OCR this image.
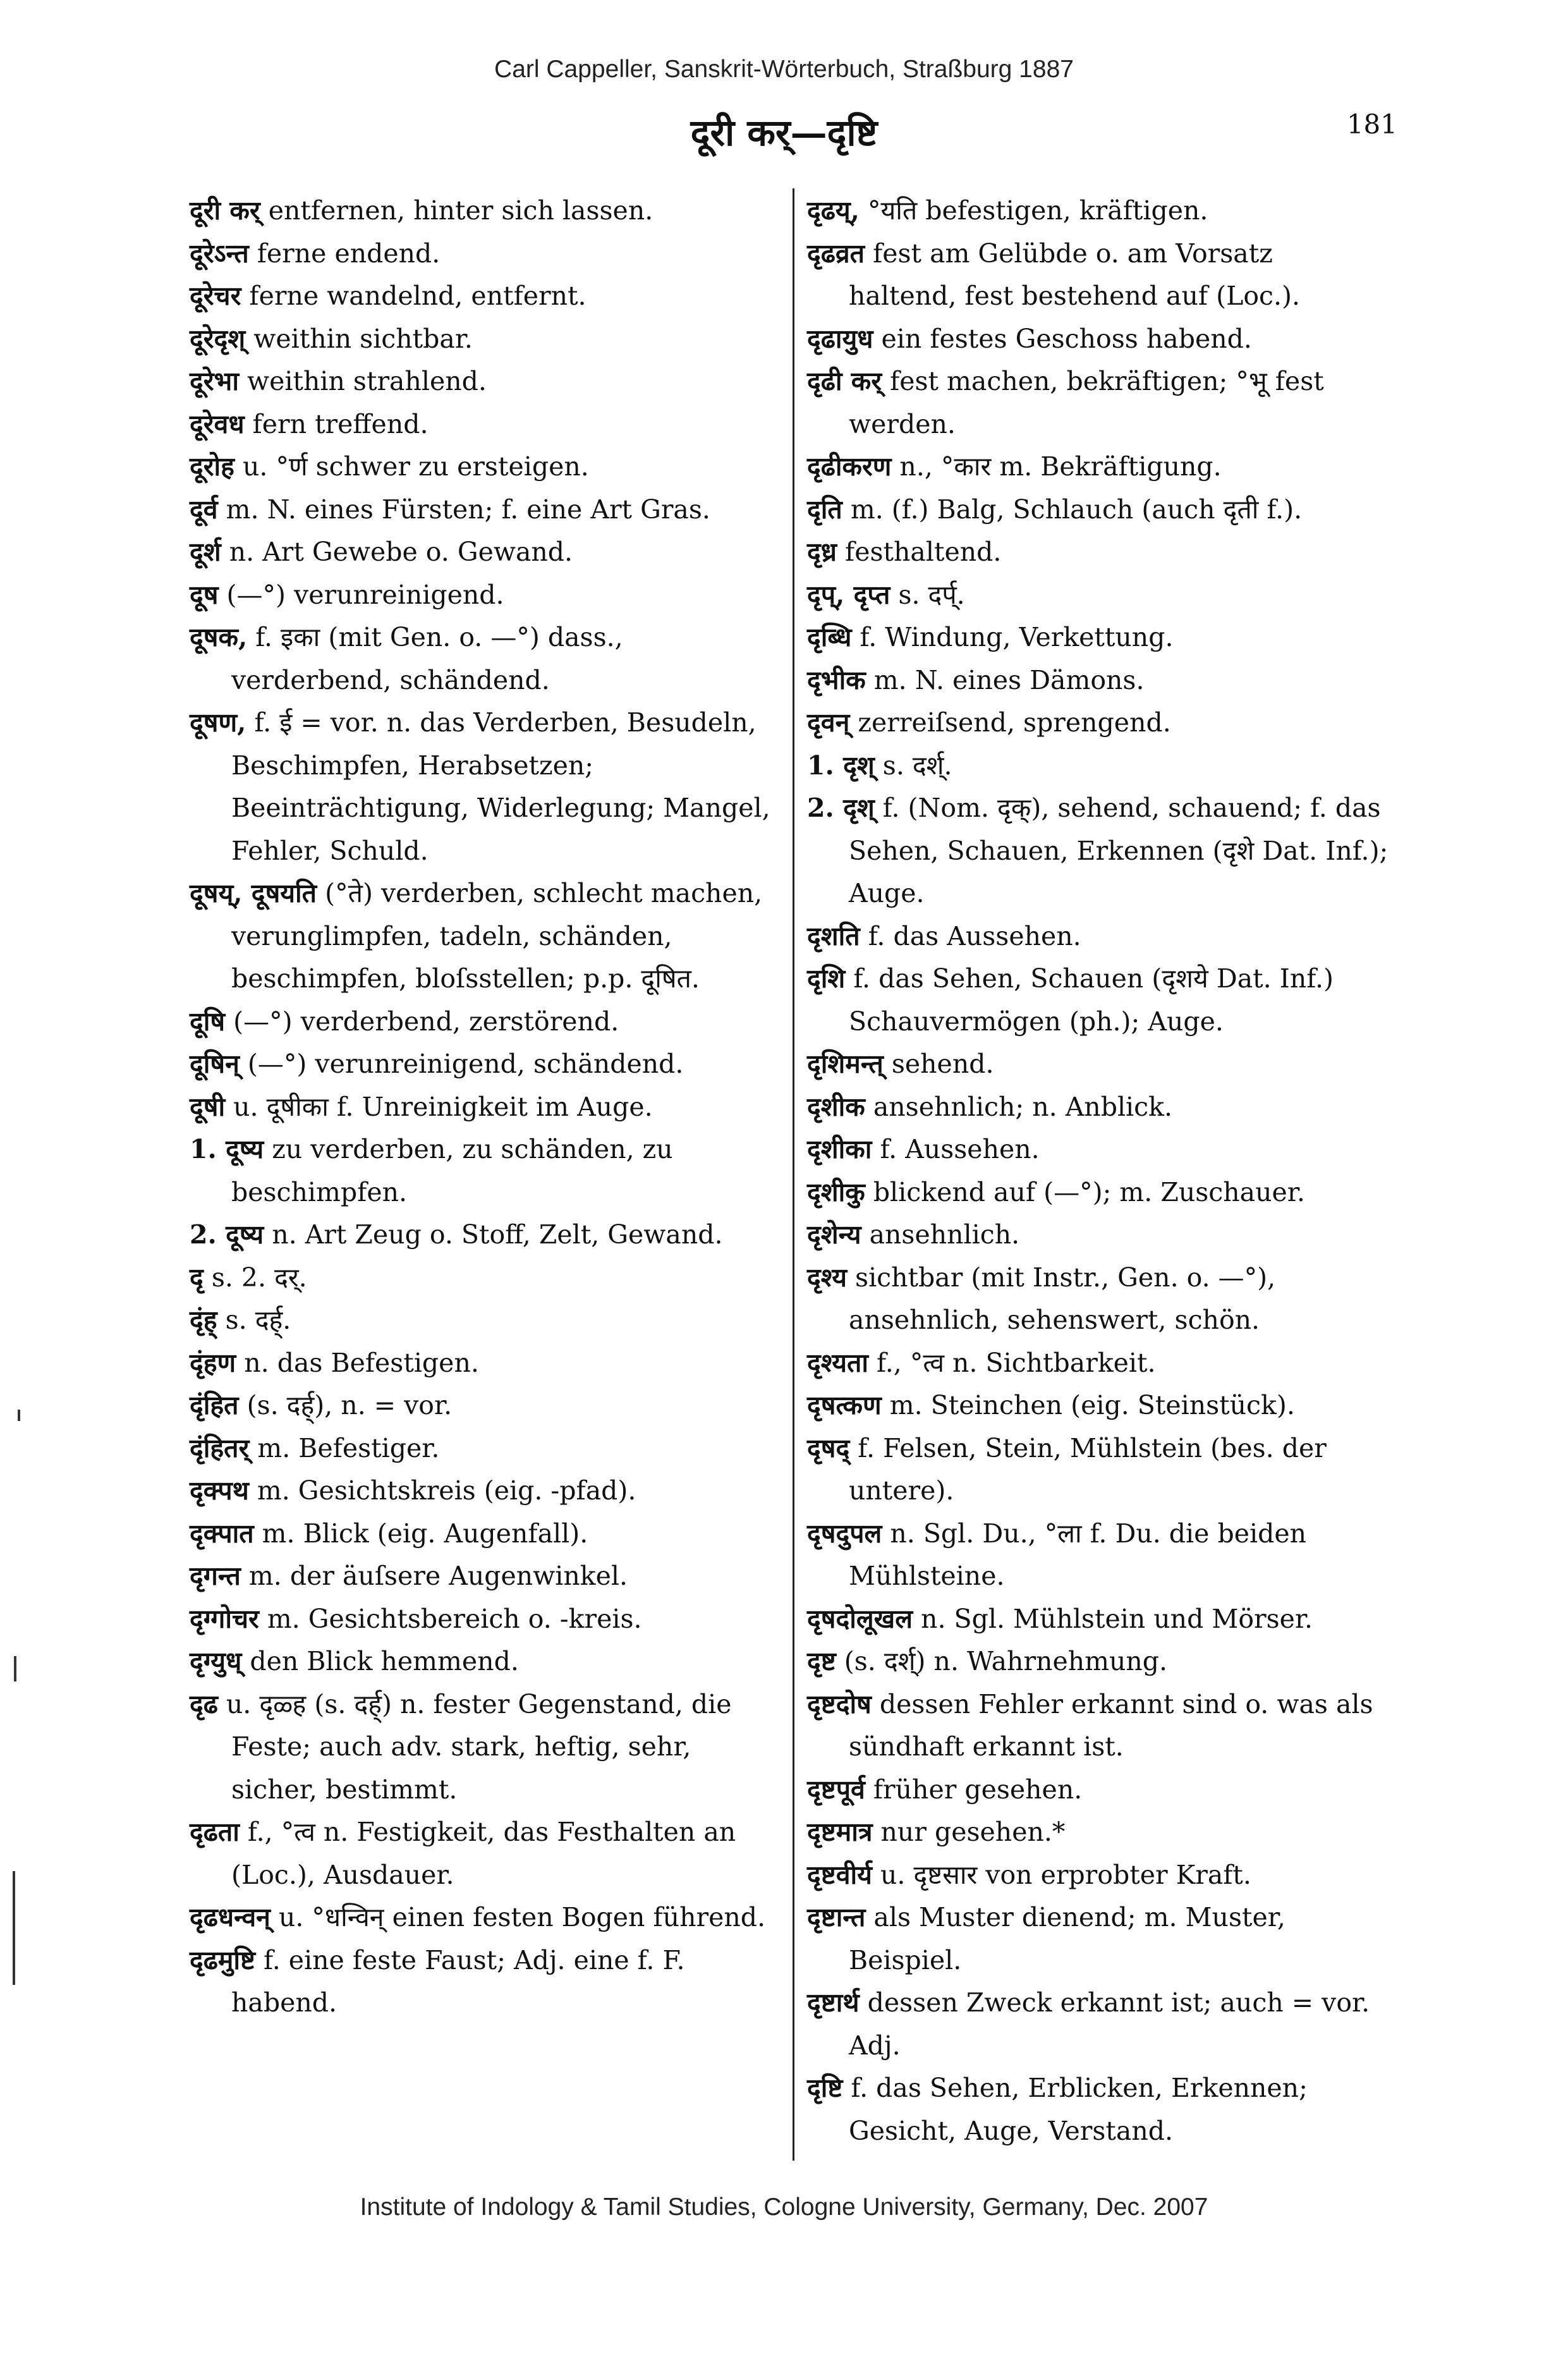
Carl Cappeller, Sanskrit-Wörterbuch, Straßburg 1887
दूरी कर्—दृष्टि	181
दूरी कर् entfernen, hinter sich lassen.
दूरेऽन्त ferne endend.
दूरेचर ferne wandelnd, entfernt.
दूरेदृश् weithin sichtbar.
दूरेभा weithin strahlend.
दूरेवध fern treffend.
दूरोह u. °र्ण schwer zu ersteigen.
दूर्व m. N. eines Fürsten; f. eine Art Gras.
दूर्श n. Art Gewebe o. Gewand.
दूष (—°) verunreinigend.
दूषक, f. इका (mit Gen. o. —°) dass., verderbend, schändend.
दूषण, f. ई = vor. n. das Verderben, Besudeln, Beschimpfen, Herabsetzen; Beeinträchtigung, Widerlegung; Mangel, Fehler, Schuld.
दूषय्, दूषयति (°ते) verderben, schlecht machen, verunglimpfen, tadeln, schänden, beschimpfen, bloſsstellen; p.p. दूषित.
दूषि (—°) verderbend, zerstörend.
दूषिन् (—°) verunreinigend, schändend.
दूषी u. दूषीका f. Unreinigkeit im Auge.
1. दूष्य zu verderben, zu schänden, zu beschimpfen.
2. दूष्य n. Art Zeug o. Stoff, Zelt, Gewand.
दृ s. 2. दर्.
दृंह् s. दर्ह्.
दृंहण n. das Befestigen.
दृंहित (s. दर्ह्), n. = vor.
दृंहितर् m. Befestiger.
दृक्पथ m. Gesichtskreis (eig. -pfad).
दृक्पात m. Blick (eig. Augenfall).
दृगन्त m. der äuſsere Augenwinkel.
दृग्गोचर m. Gesichtsbereich o. -kreis.
दृग्युध् den Blick hemmend.
दृढ u. दृळ्ह (s. दर्ह्) n. fester Gegenstand, die Feste; auch adv. stark, heftig, sehr, sicher, bestimmt.
दृढता f., °त्व n. Festigkeit, das Festhalten an (Loc.), Ausdauer.
दृढधन्वन् u. °धन्विन् einen festen Bogen führend.
दृढमुष्टि f. eine feste Faust; Adj. eine f. F. habend.
दृढय्, °यति befestigen, kräftigen.
दृढव्रत fest am Gelübde o. am Vorsatz haltend, fest bestehend auf (Loc.).
दृढायुध ein festes Geschoss habend.
दृढी कर् fest machen, bekräftigen; °भू fest werden.
दृढीकरण n., °कार m. Bekräftigung.
दृति m. (f.) Balg, Schlauch (auch दृती f.).
दृध्र festhaltend.
दृप्, दृप्त s. दर्प्.
दृब्धि f. Windung, Verkettung.
दृभीक m. N. eines Dämons.
दृवन् zerreiſsend, sprengend.
1. दृश् s. दर्श्.
2. दृश् f. (Nom. दृक्), sehend, schauend; f. das Sehen, Schauen, Erkennen (दृशे Dat. Inf.); Auge.
दृशति f. das Aussehen.
दृशि f. das Sehen, Schauen (दृशये Dat. Inf.) Schauvermögen (ph.); Auge.
दृशिमन्त् sehend.
दृशीक ansehnlich; n. Anblick.
दृशीका f. Aussehen.
दृशीकु blickend auf (—°); m. Zuschauer.
दृशेन्य ansehnlich.
दृश्य sichtbar (mit Instr., Gen. o. —°), ansehnlich, sehenswert, schön.
दृश्यता f., °त्व n. Sichtbarkeit.
दृषत्कण m. Steinchen (eig. Steinstück).
दृषद् f. Felsen, Stein, Mühlstein (bes. der untere).
दृषदुपल n. Sgl. Du., °ला f. Du. die beiden Mühlsteine.
दृषदोलूखल n. Sgl. Mühlstein und Mörser.
दृष्ट (s. दर्श्) n. Wahrnehmung.
दृष्टदोष dessen Fehler erkannt sind o. was als sündhaft erkannt ist.
दृष्टपूर्व früher gesehen.
दृष्टमात्र nur gesehen.*
दृष्टवीर्य u. दृष्टसार von erprobter Kraft.
दृष्टान्त als Muster dienend; m. Muster, Beispiel.
दृष्टार्थ dessen Zweck erkannt ist; auch = vor. Adj.
दृष्टि f. das Sehen, Erblicken, Erkennen; Gesicht, Auge, Verstand.
Institute of Indology & Tamil Studies, Cologne University, Germany, Dec. 2007
